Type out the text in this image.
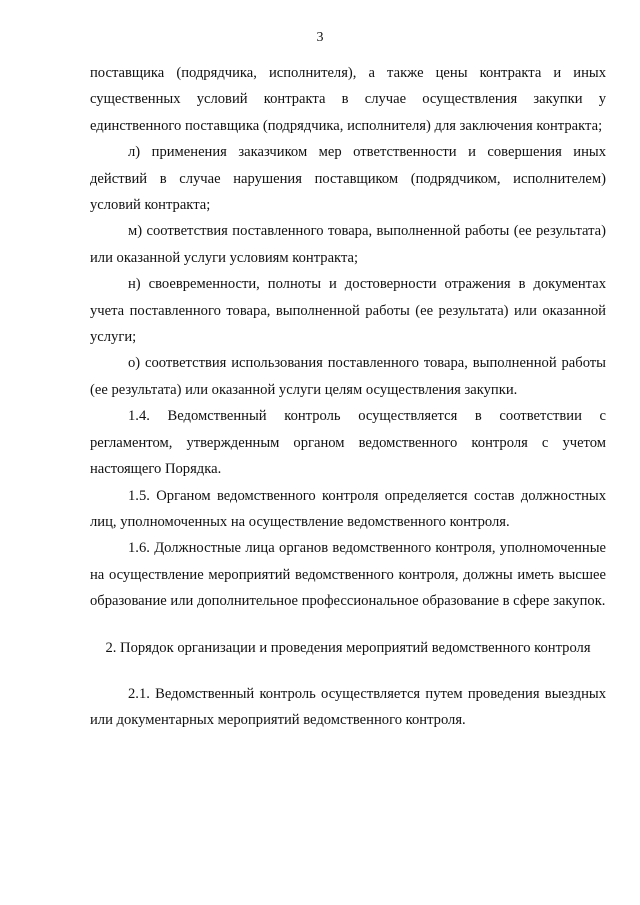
3

поставщика (подрядчика, исполнителя), а также цены контракта и иных существенных условий контракта в случае осуществления закупки у единственного поставщика (подрядчика, исполнителя) для заключения контракта;

л) применения заказчиком мер ответственности и совершения иных действий в случае нарушения поставщиком (подрядчиком, исполнителем) условий контракта;

м) соответствия поставленного товара, выполненной работы (ее результата) или оказанной услуги условиям контракта;

н) своевременности, полноты и достоверности отражения в документах учета поставленного товара, выполненной работы (ее результата) или оказанной услуги;

о) соответствия использования поставленного товара, выполненной работы (ее результата) или оказанной услуги целям осуществления закупки.

1.4. Ведомственный контроль осуществляется в соответствии с регламентом, утвержденным органом ведомственного контроля с учетом настоящего Порядка.

1.5. Органом ведомственного контроля определяется состав должностных лиц, уполномоченных на осуществление ведомственного контроля.

1.6. Должностные лица органов ведомственного контроля, уполномоченные на осуществление мероприятий ведомственного контроля, должны иметь высшее образование или дополнительное профессиональное образование в сфере закупок.

2. Порядок организации и проведения мероприятий ведомственного контроля

2.1. Ведомственный контроль осуществляется путем проведения выездных или документарных мероприятий ведомственного контроля.
